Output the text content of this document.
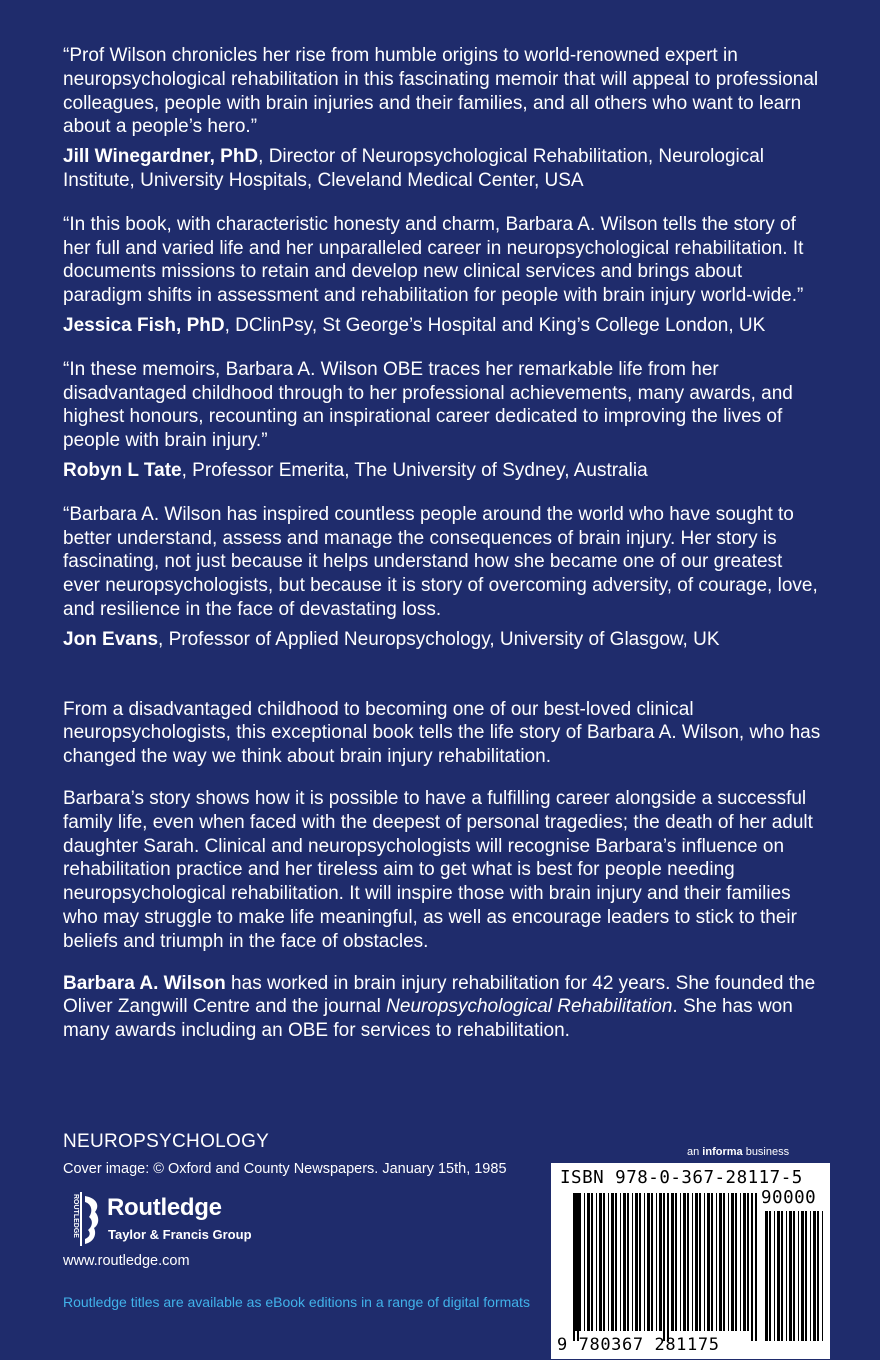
“Prof Wilson chronicles her rise from humble origins to world-renowned expert in neuropsychological rehabilitation in this fascinating memoir that will appeal to professional colleagues, people with brain injuries and their families, and all others who want to learn about a people’s hero.”

Jill Winegardner, PhD, Director of Neuropsychological Rehabilitation, Neurological Institute, University Hospitals, Cleveland Medical Center, USA

“In this book, with characteristic honesty and charm, Barbara A. Wilson tells the story of her full and varied life and her unparalleled career in neuropsychological rehabilitation. It documents missions to retain and develop new clinical services and brings about paradigm shifts in assessment and rehabilitation for people with brain injury world-wide.”

Jessica Fish, PhD, DClinPsy, St George’s Hospital and King’s College London, UK

“In these memoirs, Barbara A. Wilson OBE traces her remarkable life from her disadvantaged childhood through to her professional achievements, many awards, and highest honours, recounting an inspirational career dedicated to improving the lives of people with brain injury.”

Robyn L Tate, Professor Emerita, The University of Sydney, Australia

“Barbara A. Wilson has inspired countless people around the world who have sought to better understand, assess and manage the consequences of brain injury. Her story is fascinating, not just because it helps understand how she became one of our greatest ever neuropsychologists, but because it is story of overcoming adversity, of courage, love, and resilience in the face of devastating loss.

Jon Evans, Professor of Applied Neuropsychology, University of Glasgow, UK

From a disadvantaged childhood to becoming one of our best-loved clinical neuropsychologists, this exceptional book tells the life story of Barbara A. Wilson, who has changed the way we think about brain injury rehabilitation.

Barbara’s story shows how it is possible to have a fulfilling career alongside a successful family life, even when faced with the deepest of personal tragedies; the death of her adult daughter Sarah. Clinical and neuropsychologists will recognise Barbara’s influence on rehabilitation practice and her tireless aim to get what is best for people needing neuropsychological rehabilitation. It will inspire those with brain injury and their families who may struggle to make life meaningful, as well as encourage leaders to stick to their beliefs and triumph in the face of obstacles.

Barbara A. Wilson has worked in brain injury rehabilitation for 42 years. She founded the Oliver Zangwill Centre and the journal Neuropsychological Rehabilitation. She has won many awards including an OBE for services to rehabilitation.

NEUROPSYCHOLOGY

Cover image: © Oxford and County Newspapers. January 15th, 1985

ROUTLEDGE Routledge
Taylor & Francis Group

www.routledge.com

Routledge titles are available as eBook editions in a range of digital formats

an informa business

ISBN 978-0-367-28117-5
90000
9 780367 281175
